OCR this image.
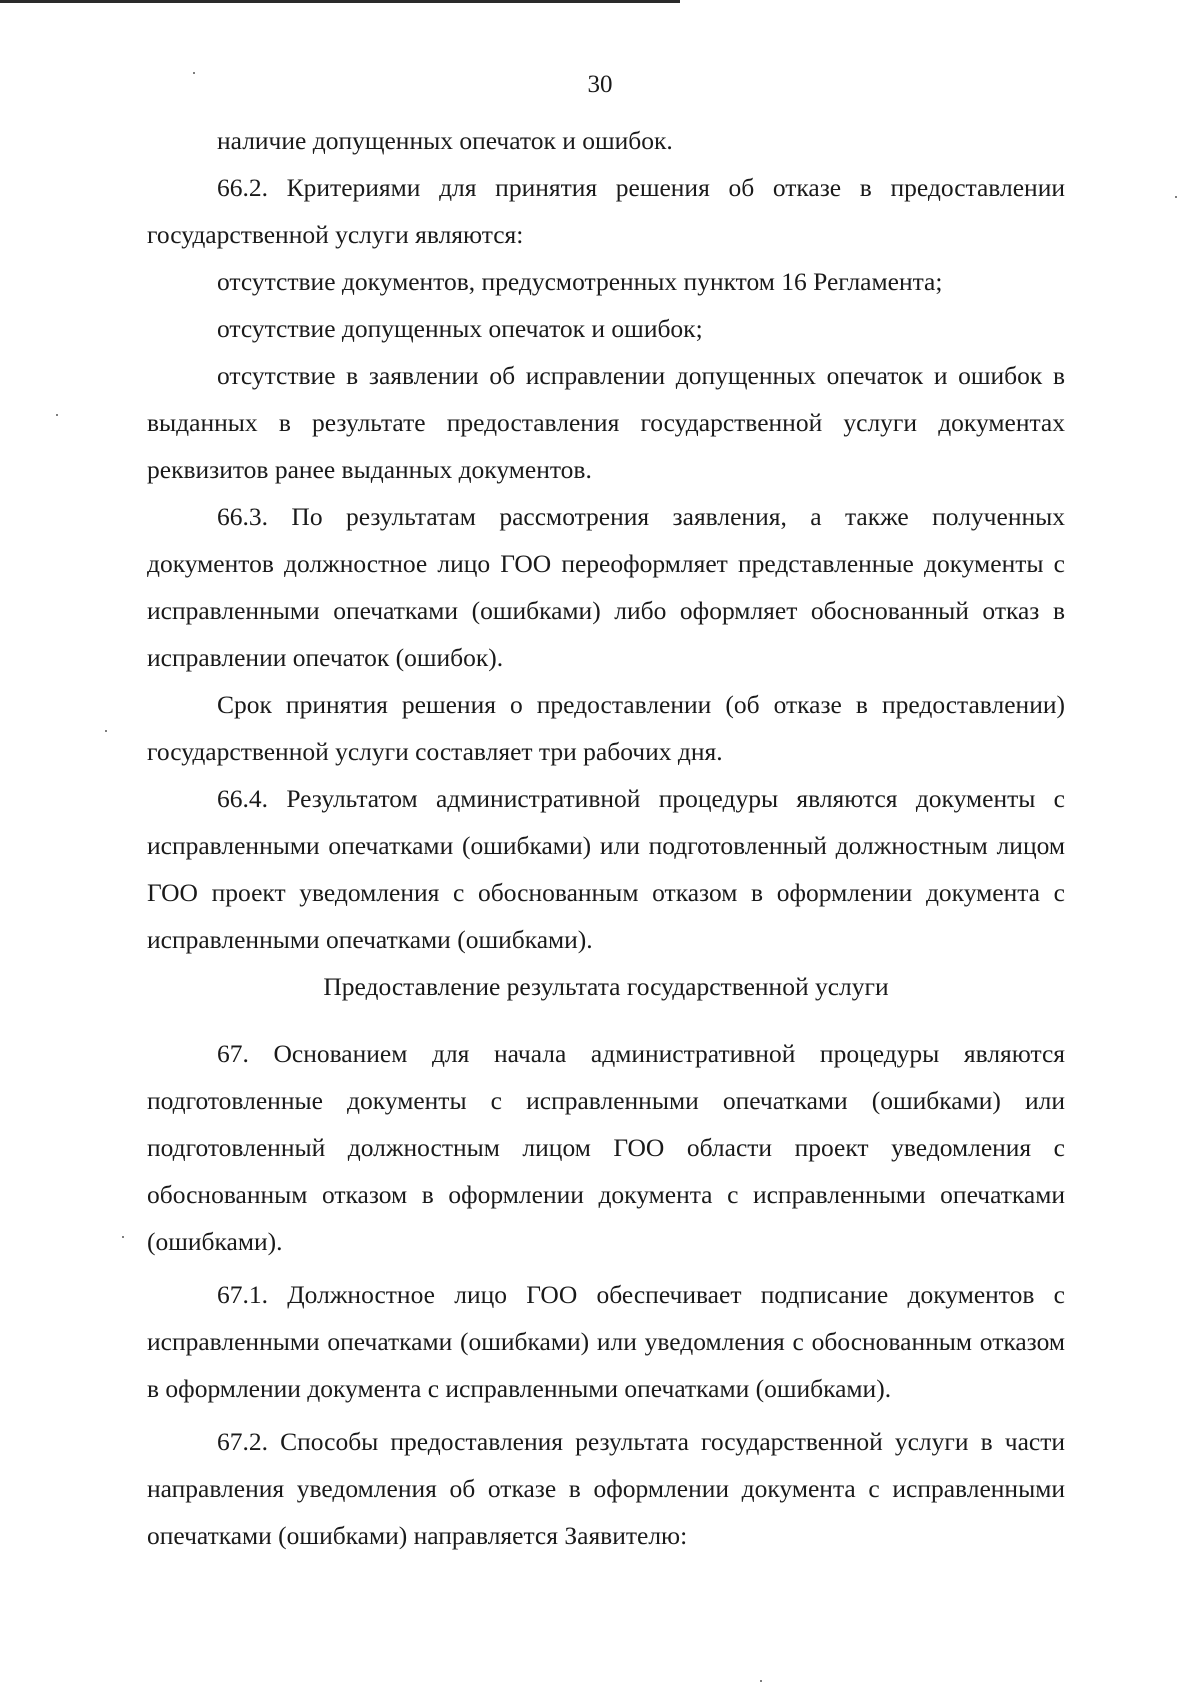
30

наличие допущенных опечаток и ошибок.

66.2. Критериями для принятия решения об отказе в предоставлении государственной услуги являются:

отсутствие документов, предусмотренных пунктом 16 Регламента;

отсутствие допущенных опечаток и ошибок;

отсутствие в заявлении об исправлении допущенных опечаток и ошибок в выданных в результате предоставления государственной услуги документах реквизитов ранее выданных документов.

66.3. По результатам рассмотрения заявления, а также полученных документов должностное лицо ГОО переоформляет представленные документы с исправленными опечатками (ошибками) либо оформляет обоснованный отказ в исправлении опечаток (ошибок).

Срок принятия решения о предоставлении (об отказе в предоставлении) государственной услуги составляет три рабочих дня.

66.4. Результатом административной процедуры являются документы с исправленными опечатками (ошибками) или подготовленный должностным лицом ГОО проект уведомления с обоснованным отказом в оформлении документа с исправленными опечатками (ошибками).

Предоставление результата государственной услуги

67. Основанием для начала административной процедуры являются подготовленные документы с исправленными опечатками (ошибками) или подготовленный должностным лицом ГОО области проект уведомления с обоснованным отказом в оформлении документа с исправленными опечатками (ошибками).

67.1. Должностное лицо ГОО обеспечивает подписание документов с исправленными опечатками (ошибками) или уведомления с обоснованным отказом в оформлении документа с исправленными опечатками (ошибками).

67.2. Способы предоставления результата государственной услуги в части направления уведомления об отказе в оформлении документа с исправленными опечатками (ошибками) направляется Заявителю:
